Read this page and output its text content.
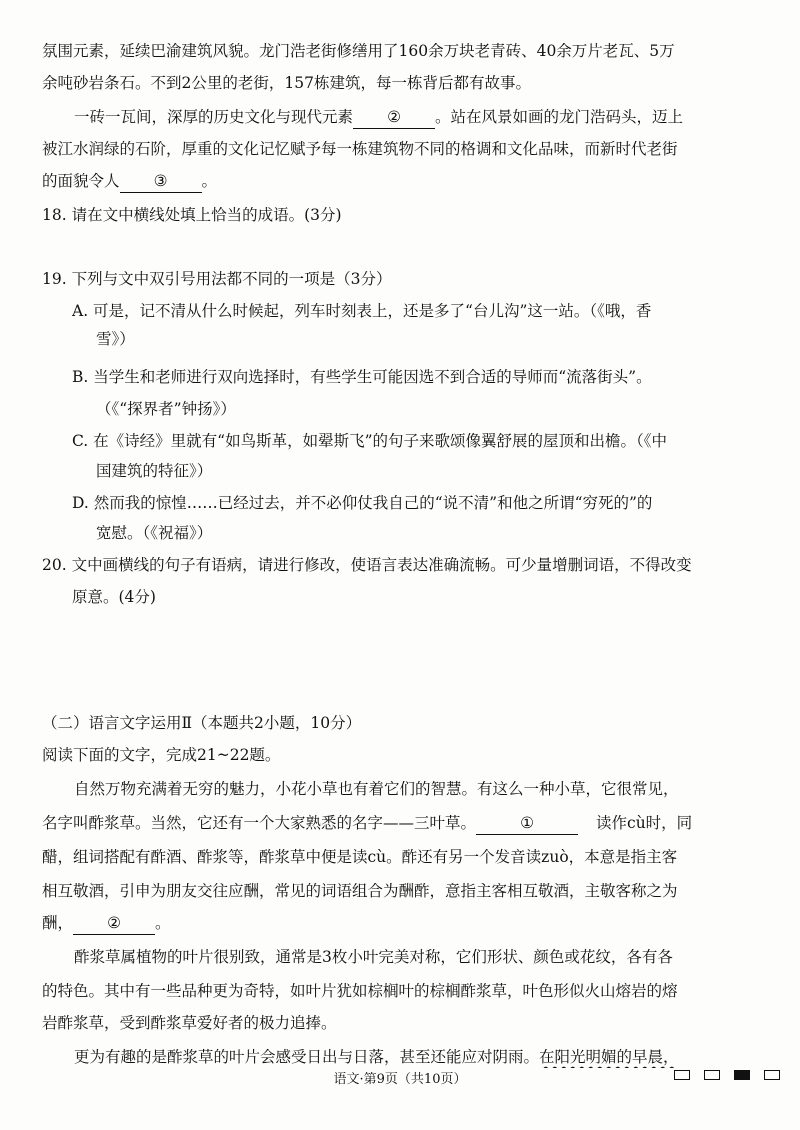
氛围元素，延续巴渝建筑风貌。龙门浩老街修缮用了160余万块老青砖、40余万片老瓦、5万
余吨砂岩条石。不到2公里的老街，157栋建筑，每一栋背后都有故事。
一砖一瓦间，深厚的历史文化与现代元素 ② 。站在风景如画的龙门浩码头，迈上
被江水润绿的石阶，厚重的文化记忆赋予每一栋建筑物不同的格调和文化品味，而新时代老街
的面貌令人 ③ 。
18. 请在文中横线处填上恰当的成语。(3分)
19. 下列与文中双引号用法都不同的一项是（3分）
A. 可是，记不清从什么时候起，列车时刻表上，还是多了“台儿沟”这一站。（《哦，香
雪》）
B. 当学生和老师进行双向选择时，有些学生可能因选不到合适的导师而“流落街头”。
（《“探界者”钟扬》）
C. 在《诗经》里就有“如鸟斯革，如翚斯飞”的句子来歌颂像翼舒展的屋顶和出檐。（《中
国建筑的特征》）
D. 然而我的惊惶……已经过去，并不必仰仗我自己的“说不清”和他之所谓“穷死的”的
宽慰。（《祝福》）
20. 文中画横线的句子有语病，请进行修改，使语言表达准确流畅。可少量增删词语，不得改变
原意。(4分)
（二）语言文字运用Ⅱ（本题共2小题，10分）
阅读下面的文字，完成21~22题。
自然万物充满着无穷的魅力，小花小草也有着它们的智慧。有这么一种小草，它很常见，
名字叫酢浆草。当然，它还有一个大家熟悉的名字——三叶草。	①	读作cù时，同
醋，组词搭配有酢酒、酢浆等，酢浆草中便是读cù。酢还有另一个发音读zuò，本意是指主客
相互敬酒，引申为朋友交往应酬，常见的词语组合为酬酢，意指主客相互敬酒，主敬客称之为
酬， ② 。
酢浆草属植物的叶片很别致，通常是3枚小叶完美对称，它们形状、颜色或花纹，各有各
的特色。其中有一些品种更为奇特，如叶片犹如棕榈叶的棕榈酢浆草，叶色形似火山熔岩的熔
岩酢浆草，受到酢浆草爱好者的极力追捧。
更为有趣的是酢浆草的叶片会感受日出与日落，甚至还能应对阴雨。在阳光明媚的早晨，
语文·第9页（共10页）
